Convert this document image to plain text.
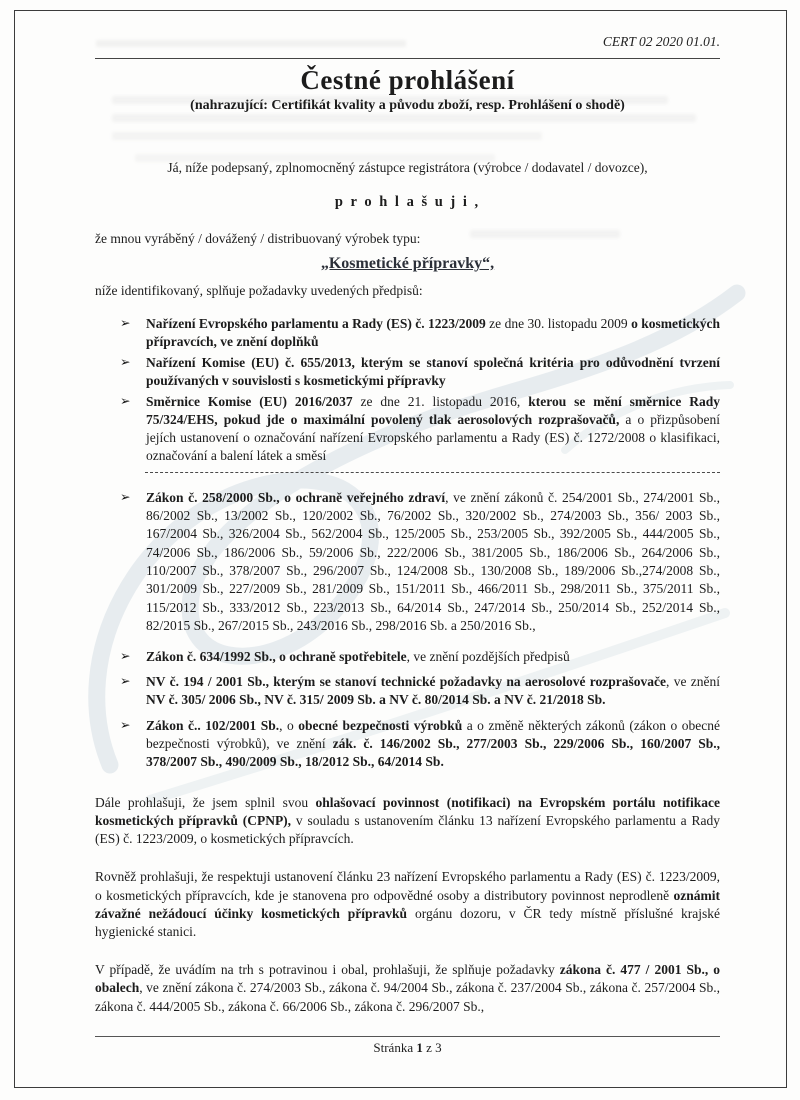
CERT 02 2020 01.01.
Čestné prohlášení
(nahrazující: Certifikát kvality a původu zboží, resp. Prohlášení o shodě)

Já, níže podepsaný, zplnomocněný zástupce registrátora (výrobce / dodavatel / dovozce),

p r o h l a š u j i ,

že mnou vyráběný / dovážený / distribuovaný výrobek typu:

„Kosmetické přípravky“,

níže identifikovaný, splňuje požadavky uvedených předpisů:

➢ Nařízení Evropského parlamentu a Rady (ES) č. 1223/2009 ze dne 30. listopadu 2009 o kosmetických přípravcích, ve znění doplňků
➢ Nařízení Komise (EU) č. 655/2013, kterým se stanoví společná kritéria pro odůvodnění tvrzení používaných v souvislosti s kosmetickými přípravky
➢ Směrnice Komise (EU) 2016/2037 ze dne 21. listopadu 2016, kterou se mění směrnice Rady 75/324/EHS, pokud jde o maximální povolený tlak aerosolových rozprašovačů, a o přizpůsobení jejích ustanovení o označování nařízení Evropského parlamentu a Rady (ES) č. 1272/2008 o klasifikaci, označování a balení látek a směsí
➢ Zákon č. 258/2000 Sb., o ochraně veřejného zdraví, ve znění zákonů č. 254/2001 Sb., 274/2001 Sb., 86/2002 Sb., 13/2002 Sb., 120/2002 Sb., 76/2002 Sb., 320/2002 Sb., 274/2003 Sb., 356/ 2003 Sb., 167/2004 Sb., 326/2004 Sb., 562/2004 Sb., 125/2005 Sb., 253/2005 Sb., 392/2005 Sb., 444/2005 Sb., 74/2006 Sb., 186/2006 Sb., 59/2006 Sb., 222/2006 Sb., 381/2005 Sb., 186/2006 Sb., 264/2006 Sb., 110/2007 Sb., 378/2007 Sb., 296/2007 Sb., 124/2008 Sb., 130/2008 Sb., 189/2006 Sb.,274/2008 Sb., 301/2009 Sb., 227/2009 Sb., 281/2009 Sb., 151/2011 Sb., 466/2011 Sb., 298/2011 Sb., 375/2011 Sb., 115/2012 Sb., 333/2012 Sb., 223/2013 Sb., 64/2014 Sb., 247/2014 Sb., 250/2014 Sb., 252/2014 Sb., 82/2015 Sb., 267/2015 Sb., 243/2016 Sb., 298/2016 Sb. a 250/2016 Sb.,
➢ Zákon č. 634/1992 Sb., o ochraně spotřebitele, ve znění pozdějších předpisů
➢ NV č. 194 / 2001 Sb., kterým se stanoví technické požadavky na aerosolové rozprašovače, ve znění NV č. 305/ 2006 Sb., NV č. 315/ 2009 Sb. a NV č. 80/2014 Sb. a NV č. 21/2018 Sb.
➢ Zákon č.. 102/2001 Sb., o obecné bezpečnosti výrobků a o změně některých zákonů (zákon o obecné bezpečnosti výrobků), ve znění zák. č. 146/2002 Sb., 277/2003 Sb., 229/2006 Sb., 160/2007 Sb., 378/2007 Sb., 490/2009 Sb., 18/2012 Sb., 64/2014 Sb.

Dále prohlašuji, že jsem splnil svou ohlašovací povinnost (notifikaci) na Evropském portálu notifikace kosmetických přípravků (CPNP), v souladu s ustanovením článku 13 nařízení Evropského parlamentu a Rady (ES) č. 1223/2009, o kosmetických přípravcích.

Rovněž prohlašuji, že respektuji ustanovení článku 23 nařízení Evropského parlamentu a Rady (ES) č. 1223/2009, o kosmetických přípravcích, kde je stanovena pro odpovědné osoby a distributory povinnost neprodleně oznámit závažné nežádoucí účinky kosmetických přípravků orgánu dozoru, v ČR tedy místně příslušné krajské hygienické stanici.

V případě, že uvádím na trh s potravinou i obal, prohlašuji, že splňuje požadavky zákona č. 477 / 2001 Sb., o obalech, ve znění zákona č. 274/2003 Sb., zákona č. 94/2004 Sb., zákona č. 237/2004 Sb., zákona č. 257/2004 Sb., zákona č. 444/2005 Sb., zákona č. 66/2006 Sb., zákona č. 296/2007 Sb.,

Stránka 1 z 3
